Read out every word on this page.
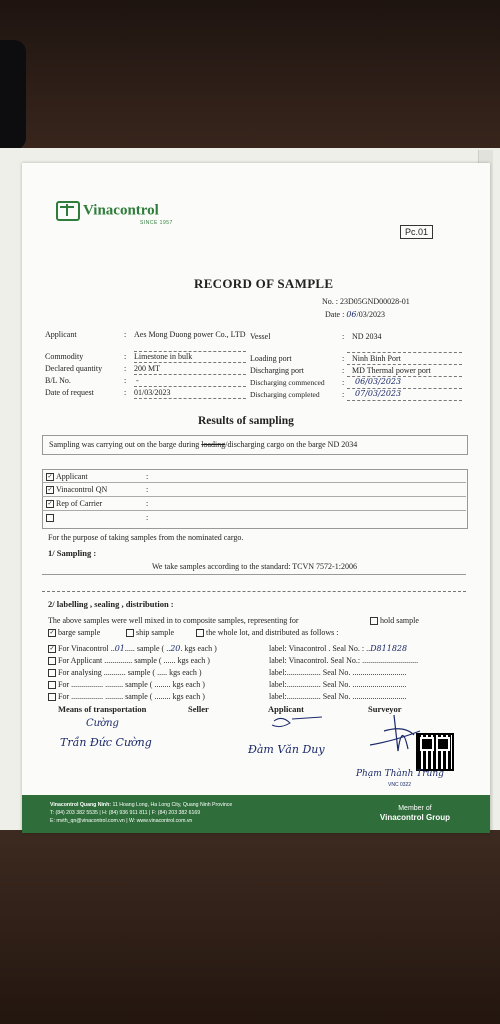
Vinacontrol
SINCE 1957
Pc.01
RECORD OF SAMPLE
No. : 23D05GND00028-01
Date : 06/03/2023
Applicant	: Aes Mong Duong power Co., LTD
Commodity	: Limestone in bulk
Declared quantity	: 200 MT
B/L No.	: -
Date of request	: 01/03/2023
Vessel	: ND 2034
Loading port	: Ninh Binh Port
Discharging port	: MD Thermal power port
Discharging commenced : 06/03/2023
Discharging completed	: 07/03/2023
Results of sampling
Sampling was carrying out on the barge during loading/discharging cargo on the barge ND 2034
✓ Applicant	:
✓ Vinacontrol QN	:
✓ Rep of Carrier	:
:
For the purpose of taking samples from the nominated cargo.
1/ Sampling :
We take samples according to the standard: TCVN 7572-1:2006
2/ labelling , sealing , distribution :
The above samples were well mixed in to composite samples, representing for	hold sample
✓ barge sample	ship sample	the whole lot, and distributed as follows :
✓ For Vinacontrol ..01..... sample ( ..20. kgs each )	label: Vinacontrol . Seal No. : ..D811828
For Applicant .............. sample ( ...... kgs each )	label: Vinacontrol. Seal No.: ............................
For analysing ........... sample ( ..... kgs each )	label:................. Seal No. ...........................
For ................ ......... sample ( ........ kgs each )	label:................. Seal No. ...........................
For ................ ......... sample ( ........ kgs each )	label:................. Seal No. ...........................
Means of transportation	Seller	Applicant	Surveyor
Cường
Trần Đức Cường
Đàm Văn Duy
Phạm Thành Trung
VNC 0322
Vinacontrol Quang Ninh: 11 Hoang Long, Ha Long City, Quang Ninh Province
T: (84) 203 382 5535 | H: (84) 936 911 811 | F: (84) 203 382 6169
E: mvth_qn@vinacontrol.com.vn | W: www.vinacontrol.com.vn
Member of
Vinacontrol Group
